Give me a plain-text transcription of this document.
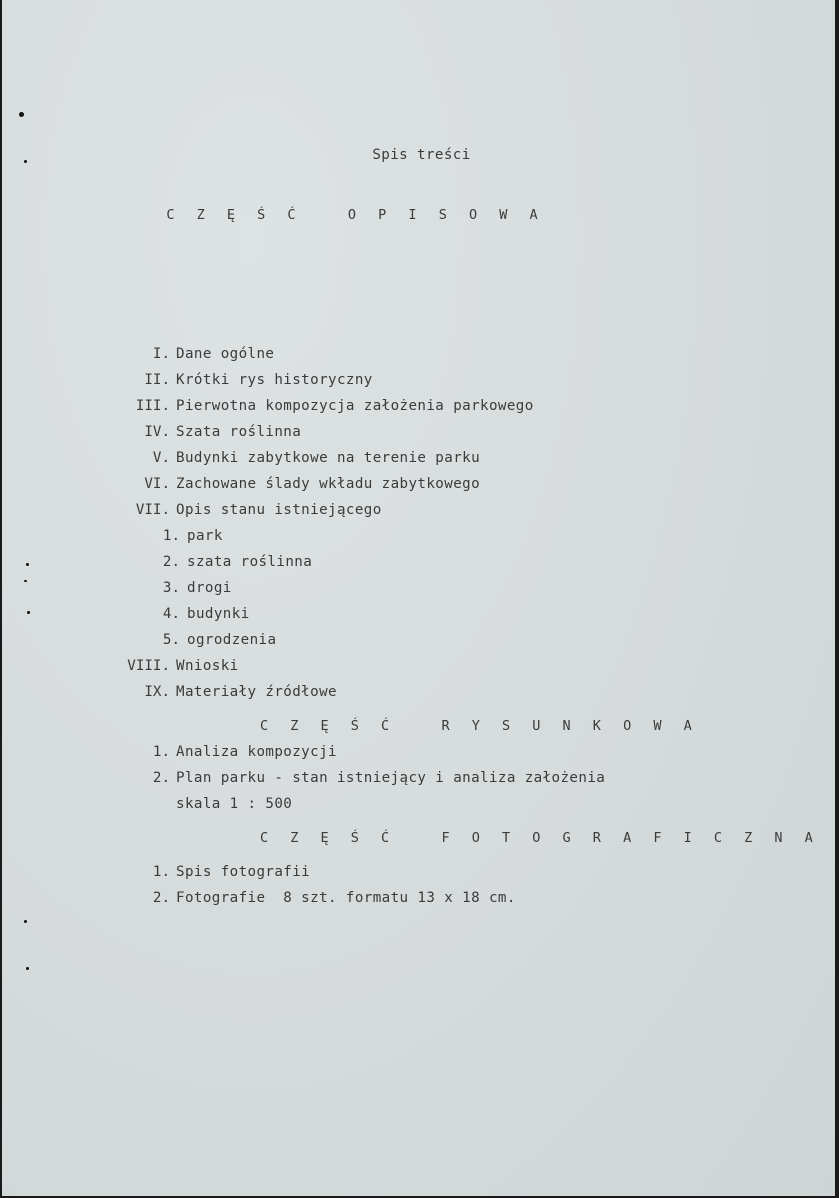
Spis treści
C Z Ę Ś Ć   O P I S O W A
I. Dane ogólne
II. Krótki rys historyczny
III. Pierwotna kompozycja założenia parkowego
IV. Szata roślinna
V. Budynki zabytkowe na terenie parku
VI. Zachowane ślady wkładu zabytkowego
VII. Opis stanu istniejącego
1. park
2. szata roślinna
3. drogi
4. budynki
5. ogrodzenia
VIII. Wnioski
IX. Materiały źródłowe
C Z Ę Ś Ć   R Y S U N K O W A
1. Analiza kompozycji
2. Plan parku - stan istniejący i analiza założenia
skala 1 : 500
C Z Ę Ś Ć   F O T O G R A F I C Z N A
1. Spis fotografii
2. Fotografie  8 szt. formatu 13 x 18 cm.
